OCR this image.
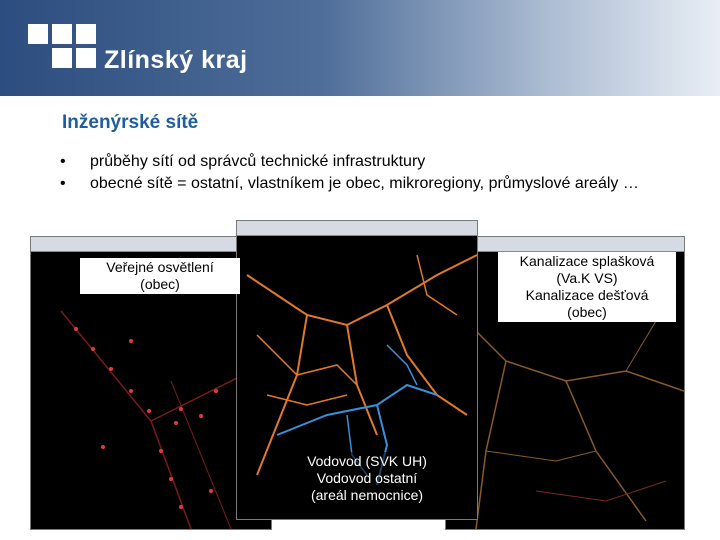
Zlínský kraj
Inženýrské sítě
• průběhy sítí od správců technické infrastruktury
• obecné sítě = ostatní, vlastníkem je obec, mikroregiony, průmyslové areály …
Veřejné osvětlení
(obec)
Kanalizace splašková
(Va.K VS)
Kanalizace dešťová
(obec)
Vodovod (SVK UH)
Vodovod ostatní
(areál nemocnice)
